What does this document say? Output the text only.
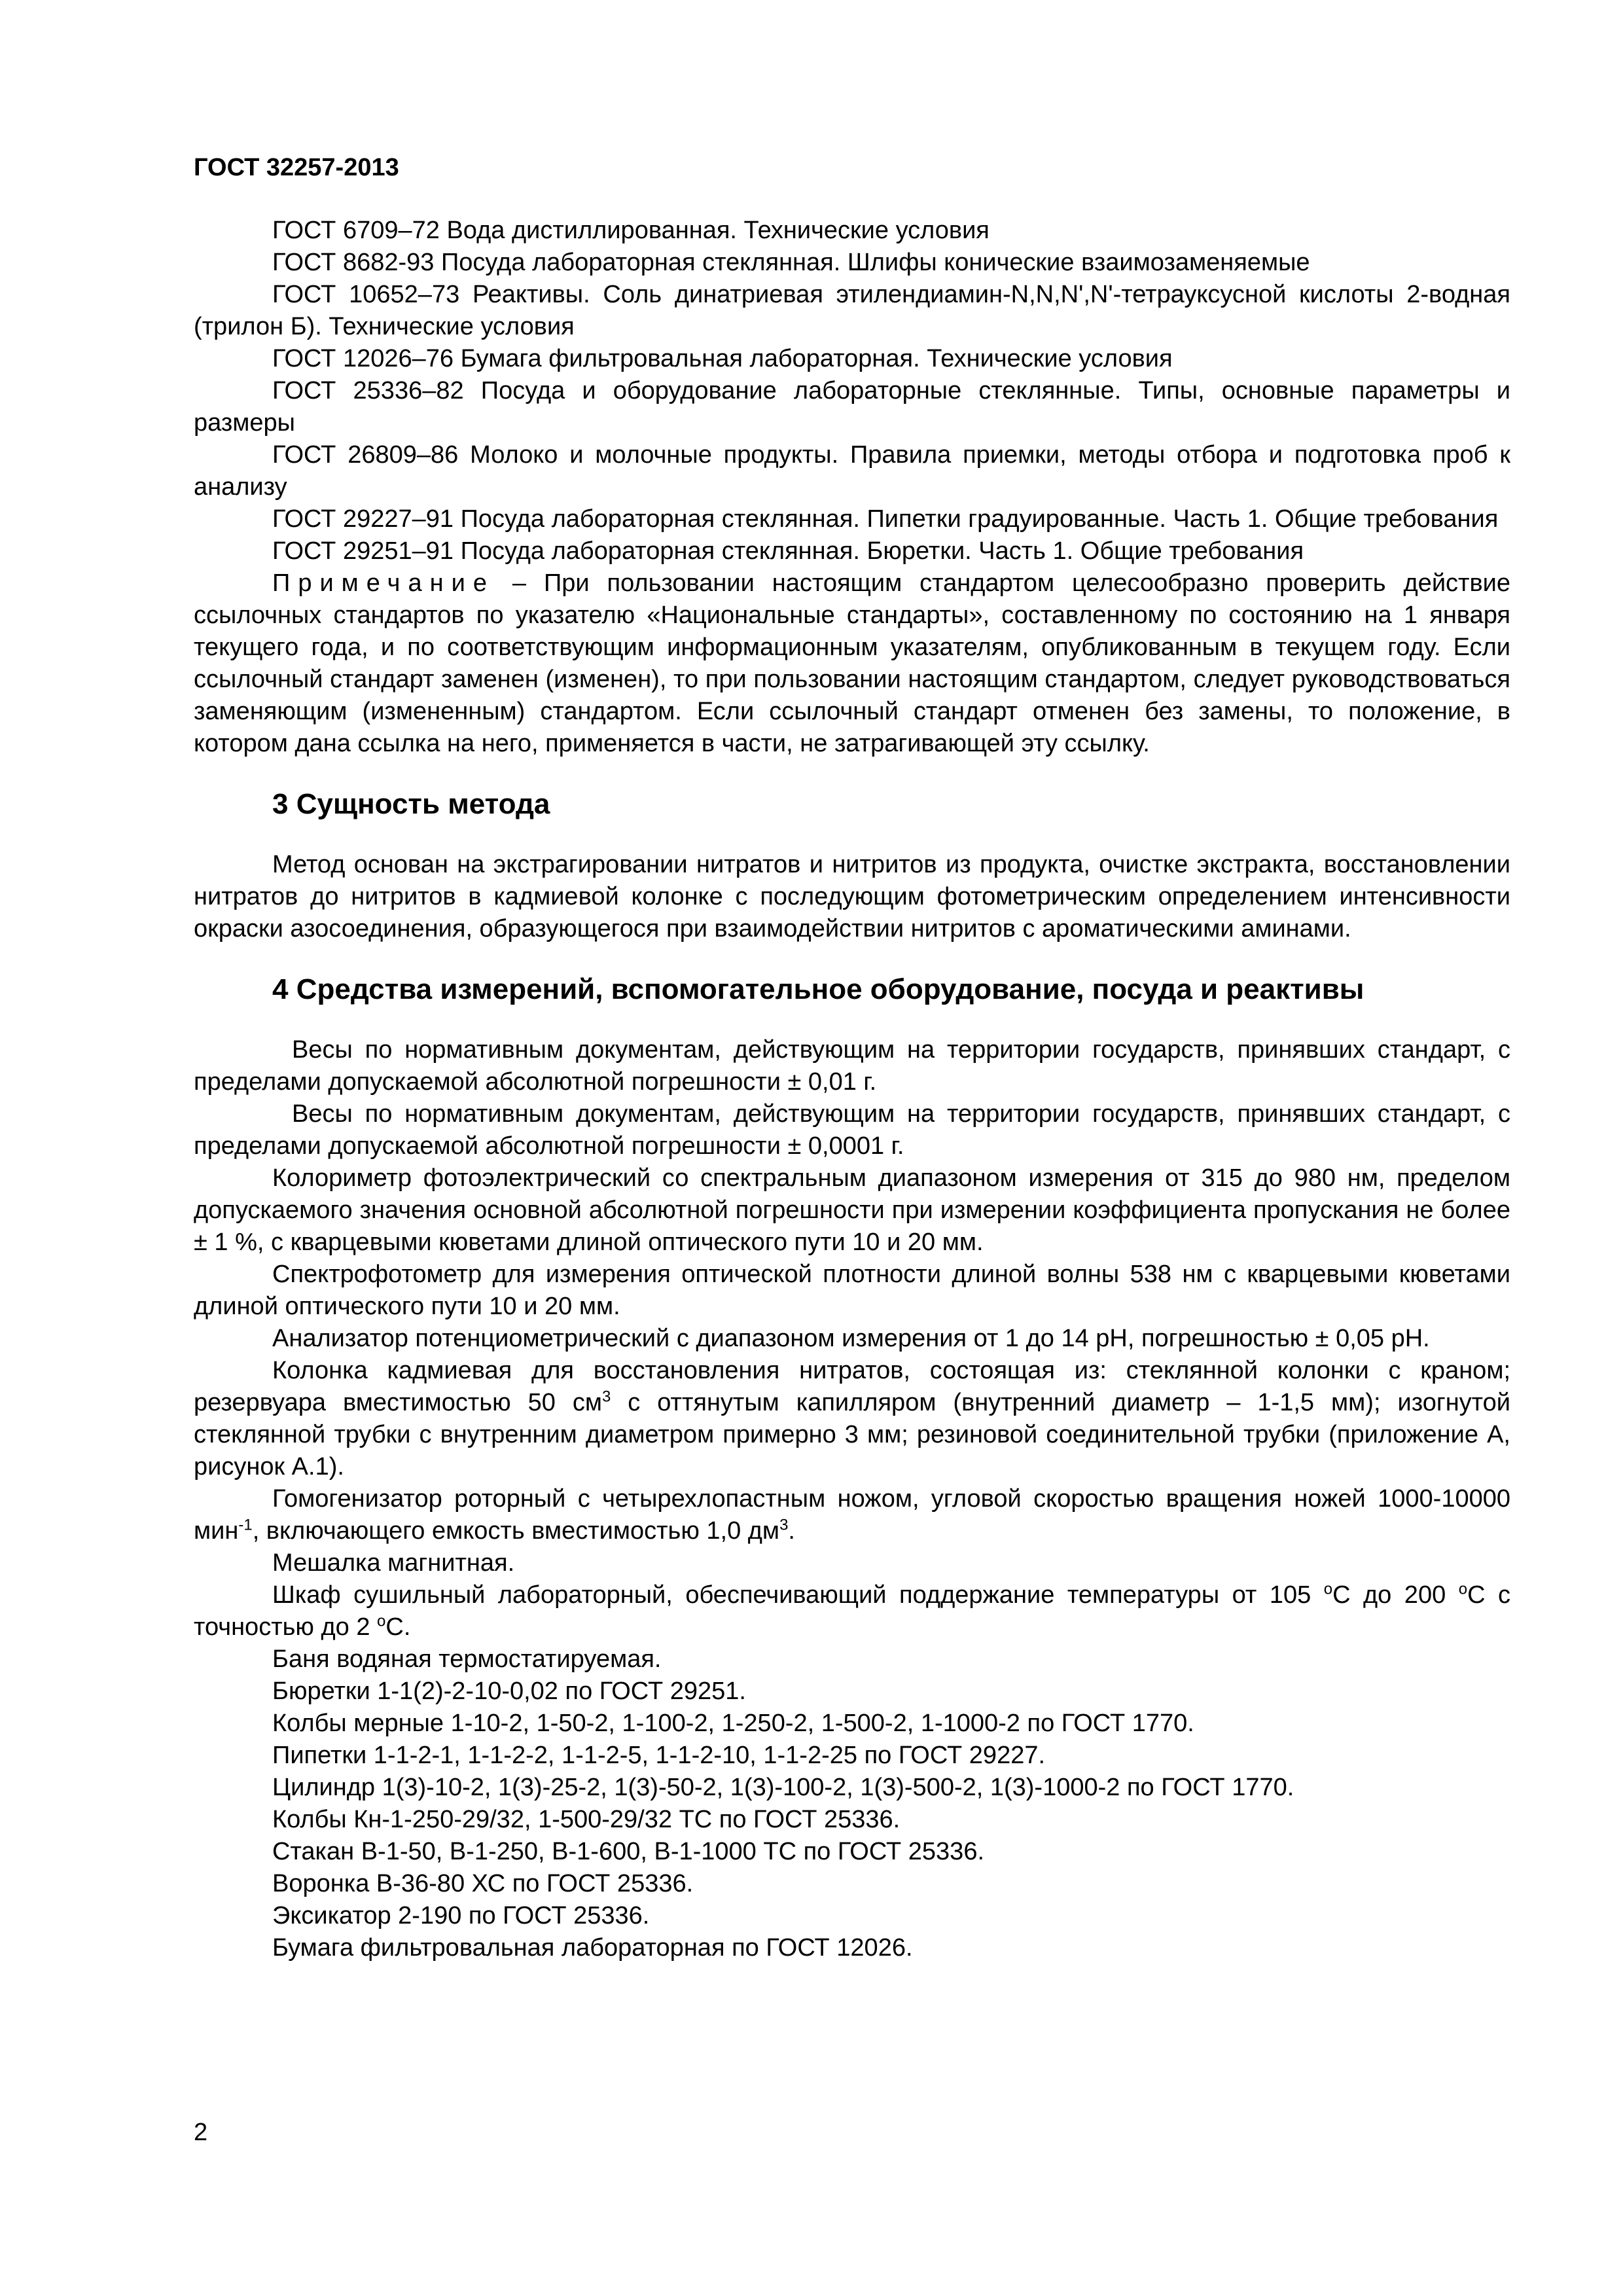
ГОСТ 32257-2013

ГОСТ 6709–72 Вода дистиллированная. Технические условия

ГОСТ 8682-93 Посуда лабораторная стеклянная. Шлифы конические взаимозаменяемые

ГОСТ 10652–73 Реактивы. Соль динатриевая этилендиамин-N,N,N',N'-тетрауксусной кислоты 2-водная (трилон Б). Технические условия

ГОСТ 12026–76 Бумага фильтровальная лабораторная. Технические условия

ГОСТ 25336–82 Посуда и оборудование лабораторные стеклянные. Типы, основные параметры и размеры

ГОСТ 26809–86 Молоко и молочные продукты. Правила приемки, методы отбора и подготовка проб к анализу

ГОСТ 29227–91 Посуда лабораторная стеклянная. Пипетки градуированные. Часть 1. Общие требования

ГОСТ 29251–91 Посуда лабораторная стеклянная. Бюретки. Часть 1. Общие требования

Примечание – При пользовании настоящим стандартом целесообразно проверить действие ссылочных стандартов по указателю «Национальные стандарты», составленному по состоянию на 1 января текущего года, и по соответствующим информационным указателям, опубликованным в текущем году. Если ссылочный стандарт заменен (изменен), то при пользовании настоящим стандартом, следует руководствоваться заменяющим (измененным) стандартом. Если ссылочный стандарт отменен без замены, то положение, в котором дана ссылка на него, применяется в части, не затрагивающей эту ссылку.

3 Сущность метода

Метод основан на экстрагировании нитратов и нитритов из продукта, очистке экстракта, восстановлении нитратов до нитритов в кадмиевой колонке с последующим фотометрическим определением интенсивности окраски азосоединения, образующегося при взаимодействии нитритов с ароматическими аминами.

4 Средства измерений, вспомогательное оборудование, посуда и реактивы

Весы по нормативным документам, действующим на территории государств, принявших стандарт, с пределами допускаемой абсолютной погрешности ± 0,01 г.

Весы по нормативным документам, действующим на территории государств, принявших стандарт, с пределами допускаемой абсолютной погрешности ± 0,0001 г.

Колориметр фотоэлектрический со спектральным диапазоном измерения от 315 до 980 нм, пределом допускаемого значения основной абсолютной погрешности при измерении коэффициента пропускания не более ± 1 %, с кварцевыми кюветами длиной оптического пути 10 и 20 мм.

Спектрофотометр для измерения оптической плотности длиной волны 538 нм с кварцевыми кюветами длиной оптического пути 10 и 20 мм.

Анализатор потенциометрический с диапазоном измерения от 1 до 14 pH, погрешностью ± 0,05 pH.

Колонка кадмиевая для восстановления нитратов, состоящая из: стеклянной колонки с краном; резервуара вместимостью 50 $см^3$ с оттянутым капилляром (внутренний диаметр – 1-1,5 мм); изогнутой стеклянной трубки с внутренним диаметром примерно 3 мм; резиновой соединительной трубки (приложение А, рисунок А.1).

Гомогенизатор роторный с четырехлопастным ножом, угловой скоростью вращения ножей 1000-10000 мин$^{-1}$, включающего емкость вместимостью 1,0 $дм^3$.

Мешалка магнитная.

Шкаф сушильный лабораторный, обеспечивающий поддержание температуры от 105 $^o$С до 200 $^o$С с точностью до 2 $^o$С.

Баня водяная термостатируемая.

Бюретки 1-1(2)-2-10-0,02 по ГОСТ 29251.

Колбы мерные 1-10-2, 1-50-2, 1-100-2, 1-250-2, 1-500-2, 1-1000-2 по ГОСТ 1770.

Пипетки 1-1-2-1, 1-1-2-2, 1-1-2-5, 1-1-2-10, 1-1-2-25 по ГОСТ 29227.

Цилиндр 1(3)-10-2, 1(3)-25-2, 1(3)-50-2, 1(3)-100-2, 1(3)-500-2, 1(3)-1000-2 по ГОСТ 1770.

Колбы Кн-1-250-29/32, 1-500-29/32 ТС по ГОСТ 25336.

Стакан В-1-50, В-1-250, В-1-600, В-1-1000 ТС по ГОСТ 25336.

Воронка В-36-80 ХС по ГОСТ 25336.

Эксикатор 2-190 по ГОСТ 25336.

Бумага фильтровальная лабораторная по ГОСТ 12026.

2
